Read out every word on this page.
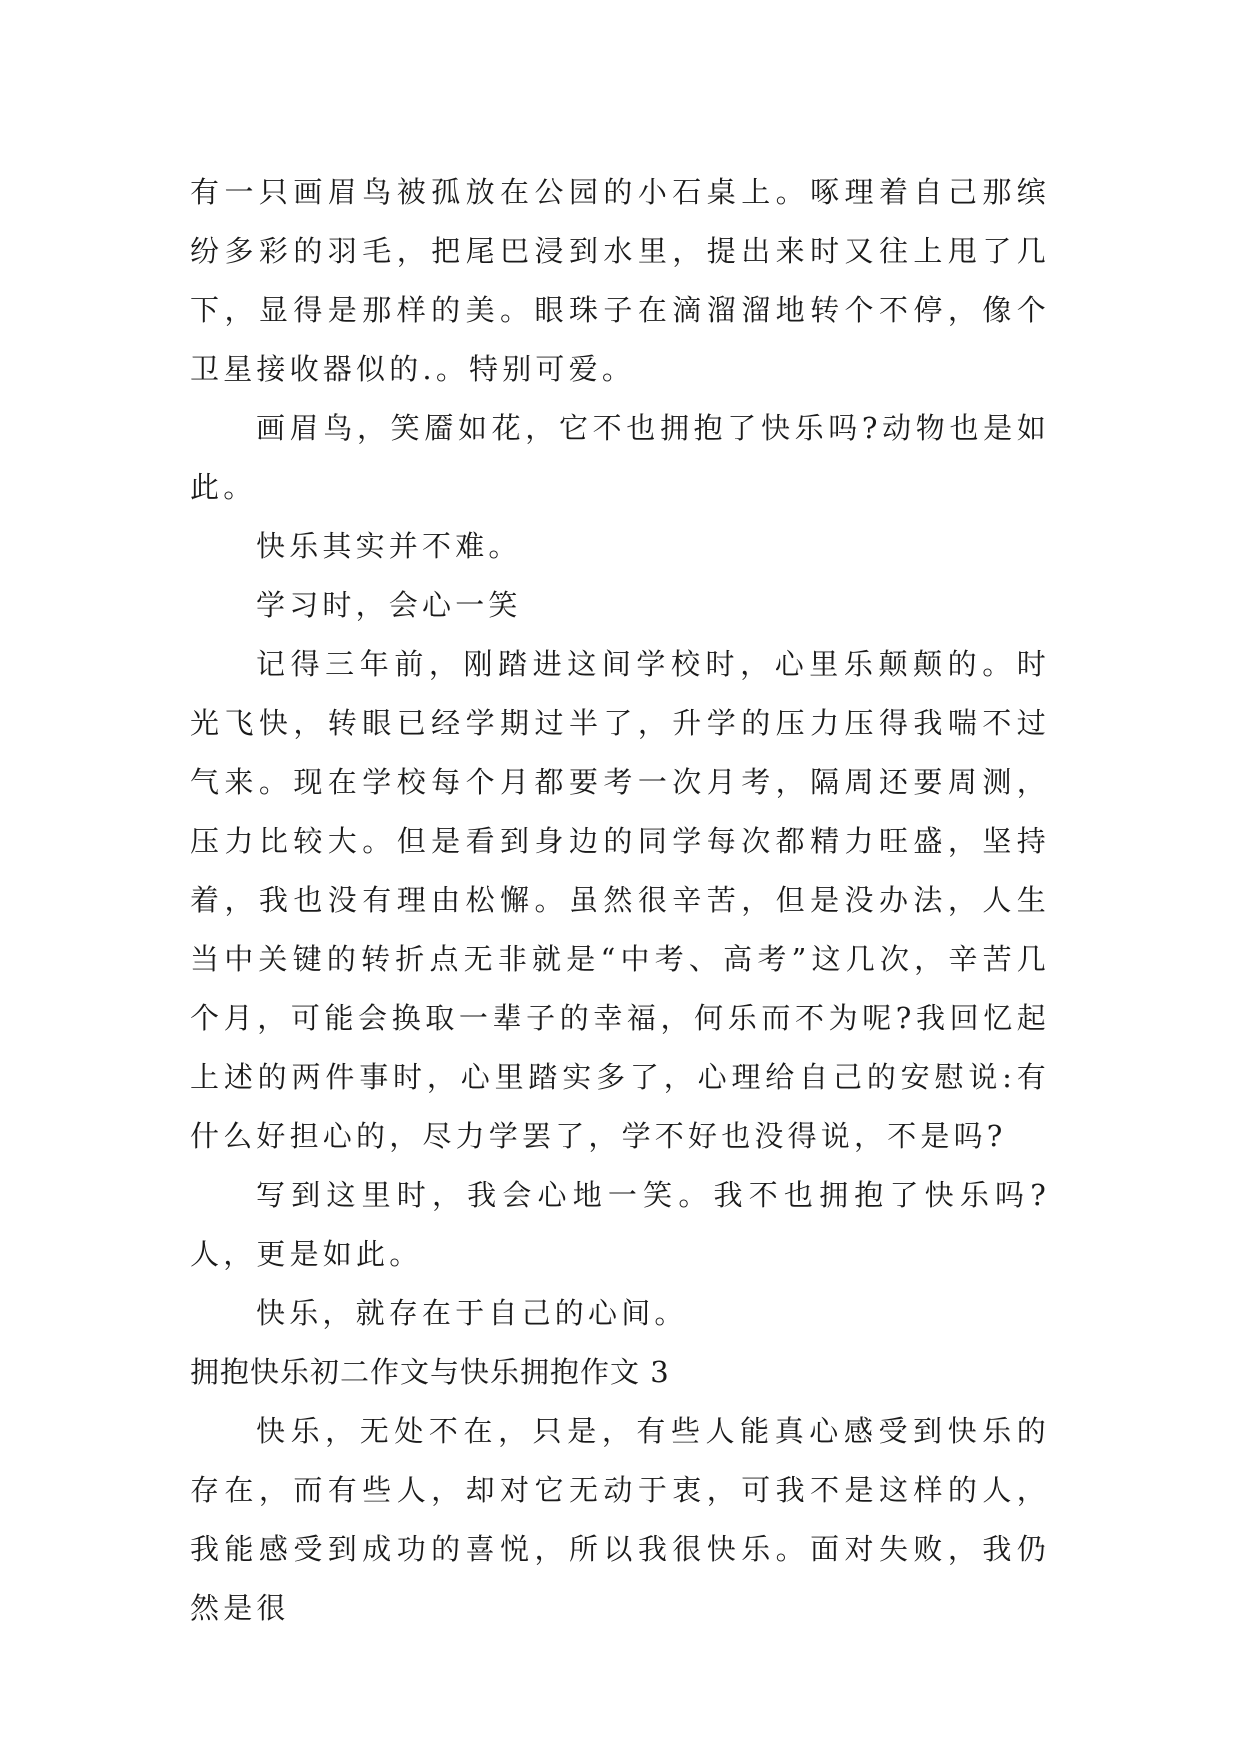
有一只画眉鸟被孤放在公园的小石桌上。啄理着自己那缤纷多彩的羽毛，把尾巴浸到水里，提出来时又往上甩了几下，显得是那样的美。眼珠子在滴溜溜地转个不停，像个卫星接收器似的.。特别可爱。

画眉鸟，笑靥如花，它不也拥抱了快乐吗?动物也是如此。

快乐其实并不难。

学习时，会心一笑

记得三年前，刚踏进这间学校时，心里乐颠颠的。时光飞快，转眼已经学期过半了，升学的压力压得我喘不过气来。现在学校每个月都要考一次月考，隔周还要周测，压力比较大。但是看到身边的同学每次都精力旺盛，坚持着，我也没有理由松懈。虽然很辛苦，但是没办法，人生当中关键的转折点无非就是“中考、高考”这几次，辛苦几个月，可能会换取一辈子的幸福，何乐而不为呢?我回忆起上述的两件事时，心里踏实多了，心理给自己的安慰说:有什么好担心的，尽力学罢了，学不好也没得说，不是吗?

写到这里时，我会心地一笑。我不也拥抱了快乐吗?人，更是如此。

快乐，就存在于自己的心间。

拥抱快乐初二作文与快乐拥抱作文 3

快乐，无处不在，只是，有些人能真心感受到快乐的存在，而有些人，却对它无动于衷，可我不是这样的人，我能感受到成功的喜悦，所以我很快乐。面对失败，我仍然是很
